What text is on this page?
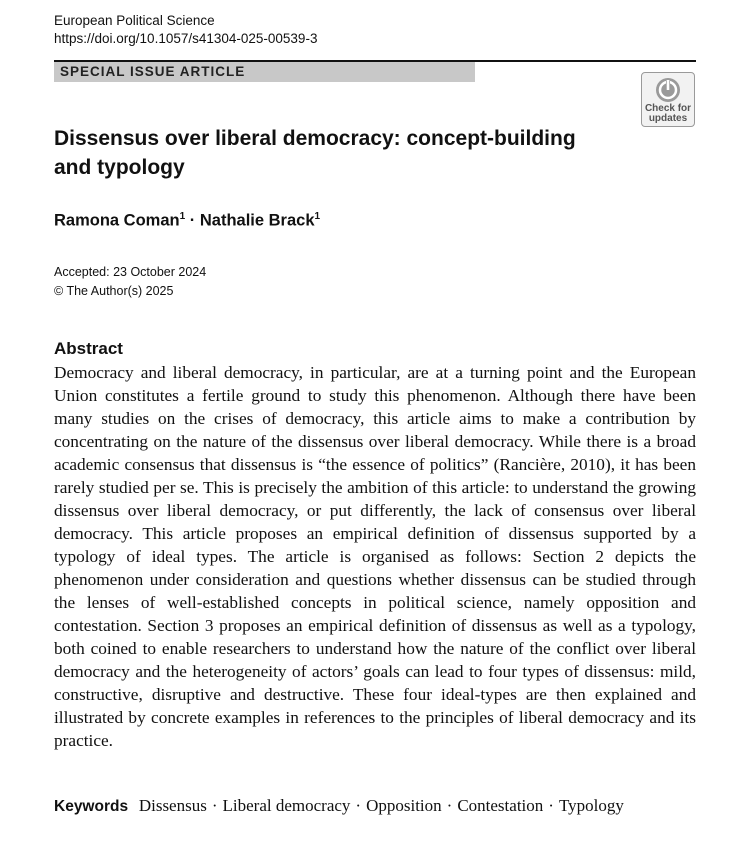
European Political Science
https://doi.org/10.1057/s41304-025-00539-3
SPECIAL ISSUE ARTICLE
Check for
updates
Dissensus over liberal democracy: concept-building and typology
Ramona Coman$^1$ · Nathalie Brack$^1$
Accepted: 23 October 2024
© The Author(s) 2025
Abstract

Democracy and liberal democracy, in particular, are at a turning point and the European Union constitutes a fertile ground to study this phenomenon. Although there have been many studies on the crises of democracy, this article aims to make a contribution by concentrating on the nature of the dissensus over liberal democracy. While there is a broad academic consensus that dissensus is “the essence of politics” (Rancière, 2010), it has been rarely studied per se. This is precisely the ambition of this article: to understand the growing dissensus over liberal democracy, or put differently, the lack of consensus over liberal democracy. This article proposes an empirical definition of dissensus supported by a typology of ideal types. The article is organised as follows: Section 2 depicts the phenomenon under consideration and questions whether dissensus can be studied through the lenses of well-established concepts in political science, namely opposition and contestation. Section 3 proposes an empirical definition of dissensus as well as a typology, both coined to enable researchers to understand how the nature of the conflict over liberal democracy and the heterogeneity of actors’ goals can lead to four types of dissensus: mild, constructive, disruptive and destructive. These four ideal-types are then explained and illustrated by concrete examples in references to the principles of liberal democracy and its practice.

Keywords Dissensus · Liberal democracy · Opposition · Contestation · Typology
